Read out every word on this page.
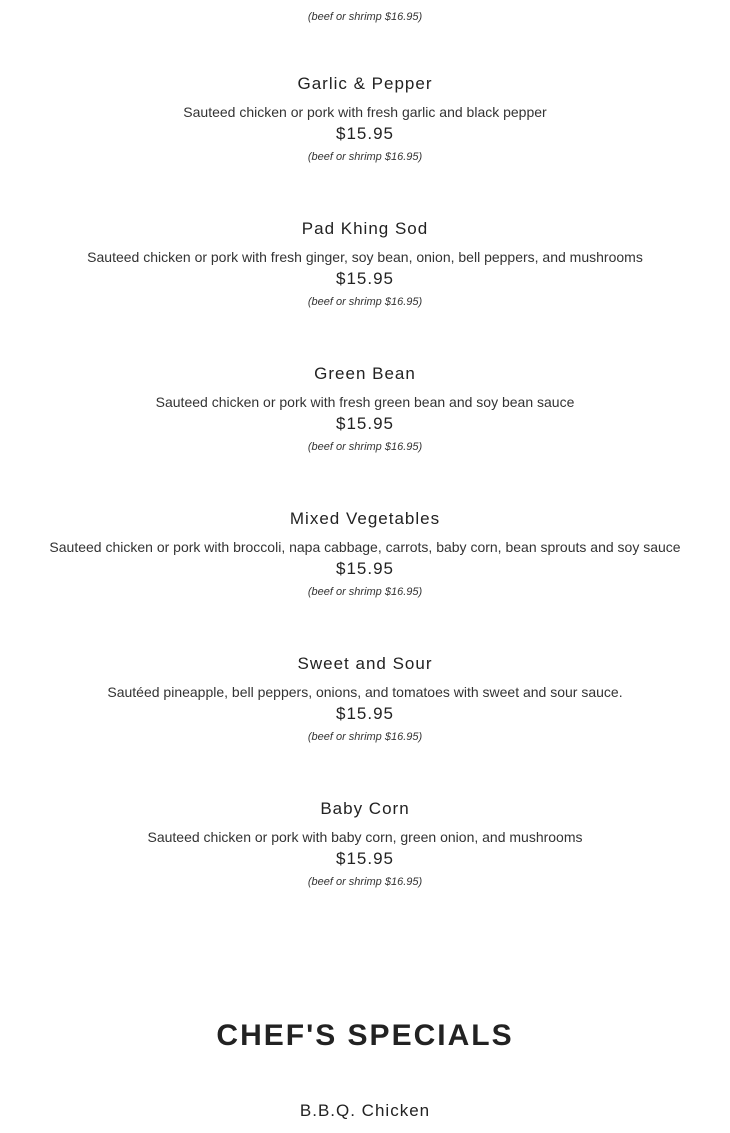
(beef or shrimp $16.95)
Garlic & Pepper
Sauteed chicken or pork with fresh garlic and black pepper
$15.95
(beef or shrimp $16.95)
Pad Khing Sod
Sauteed chicken or pork with fresh ginger, soy bean, onion, bell peppers, and mushrooms
$15.95
(beef or shrimp $16.95)
Green Bean
Sauteed chicken or pork with fresh green bean and soy bean sauce
$15.95
(beef or shrimp $16.95)
Mixed Vegetables
Sauteed chicken or pork with broccoli, napa cabbage, carrots, baby corn, bean sprouts and soy sauce
$15.95
(beef or shrimp $16.95)
Sweet and Sour
Sautéed pineapple, bell peppers, onions, and tomatoes with sweet and sour sauce.
$15.95
(beef or shrimp $16.95)
Baby Corn
Sauteed chicken or pork with baby corn, green onion, and mushrooms
$15.95
(beef or shrimp $16.95)
CHEF'S SPECIALS
B.B.Q. Chicken
